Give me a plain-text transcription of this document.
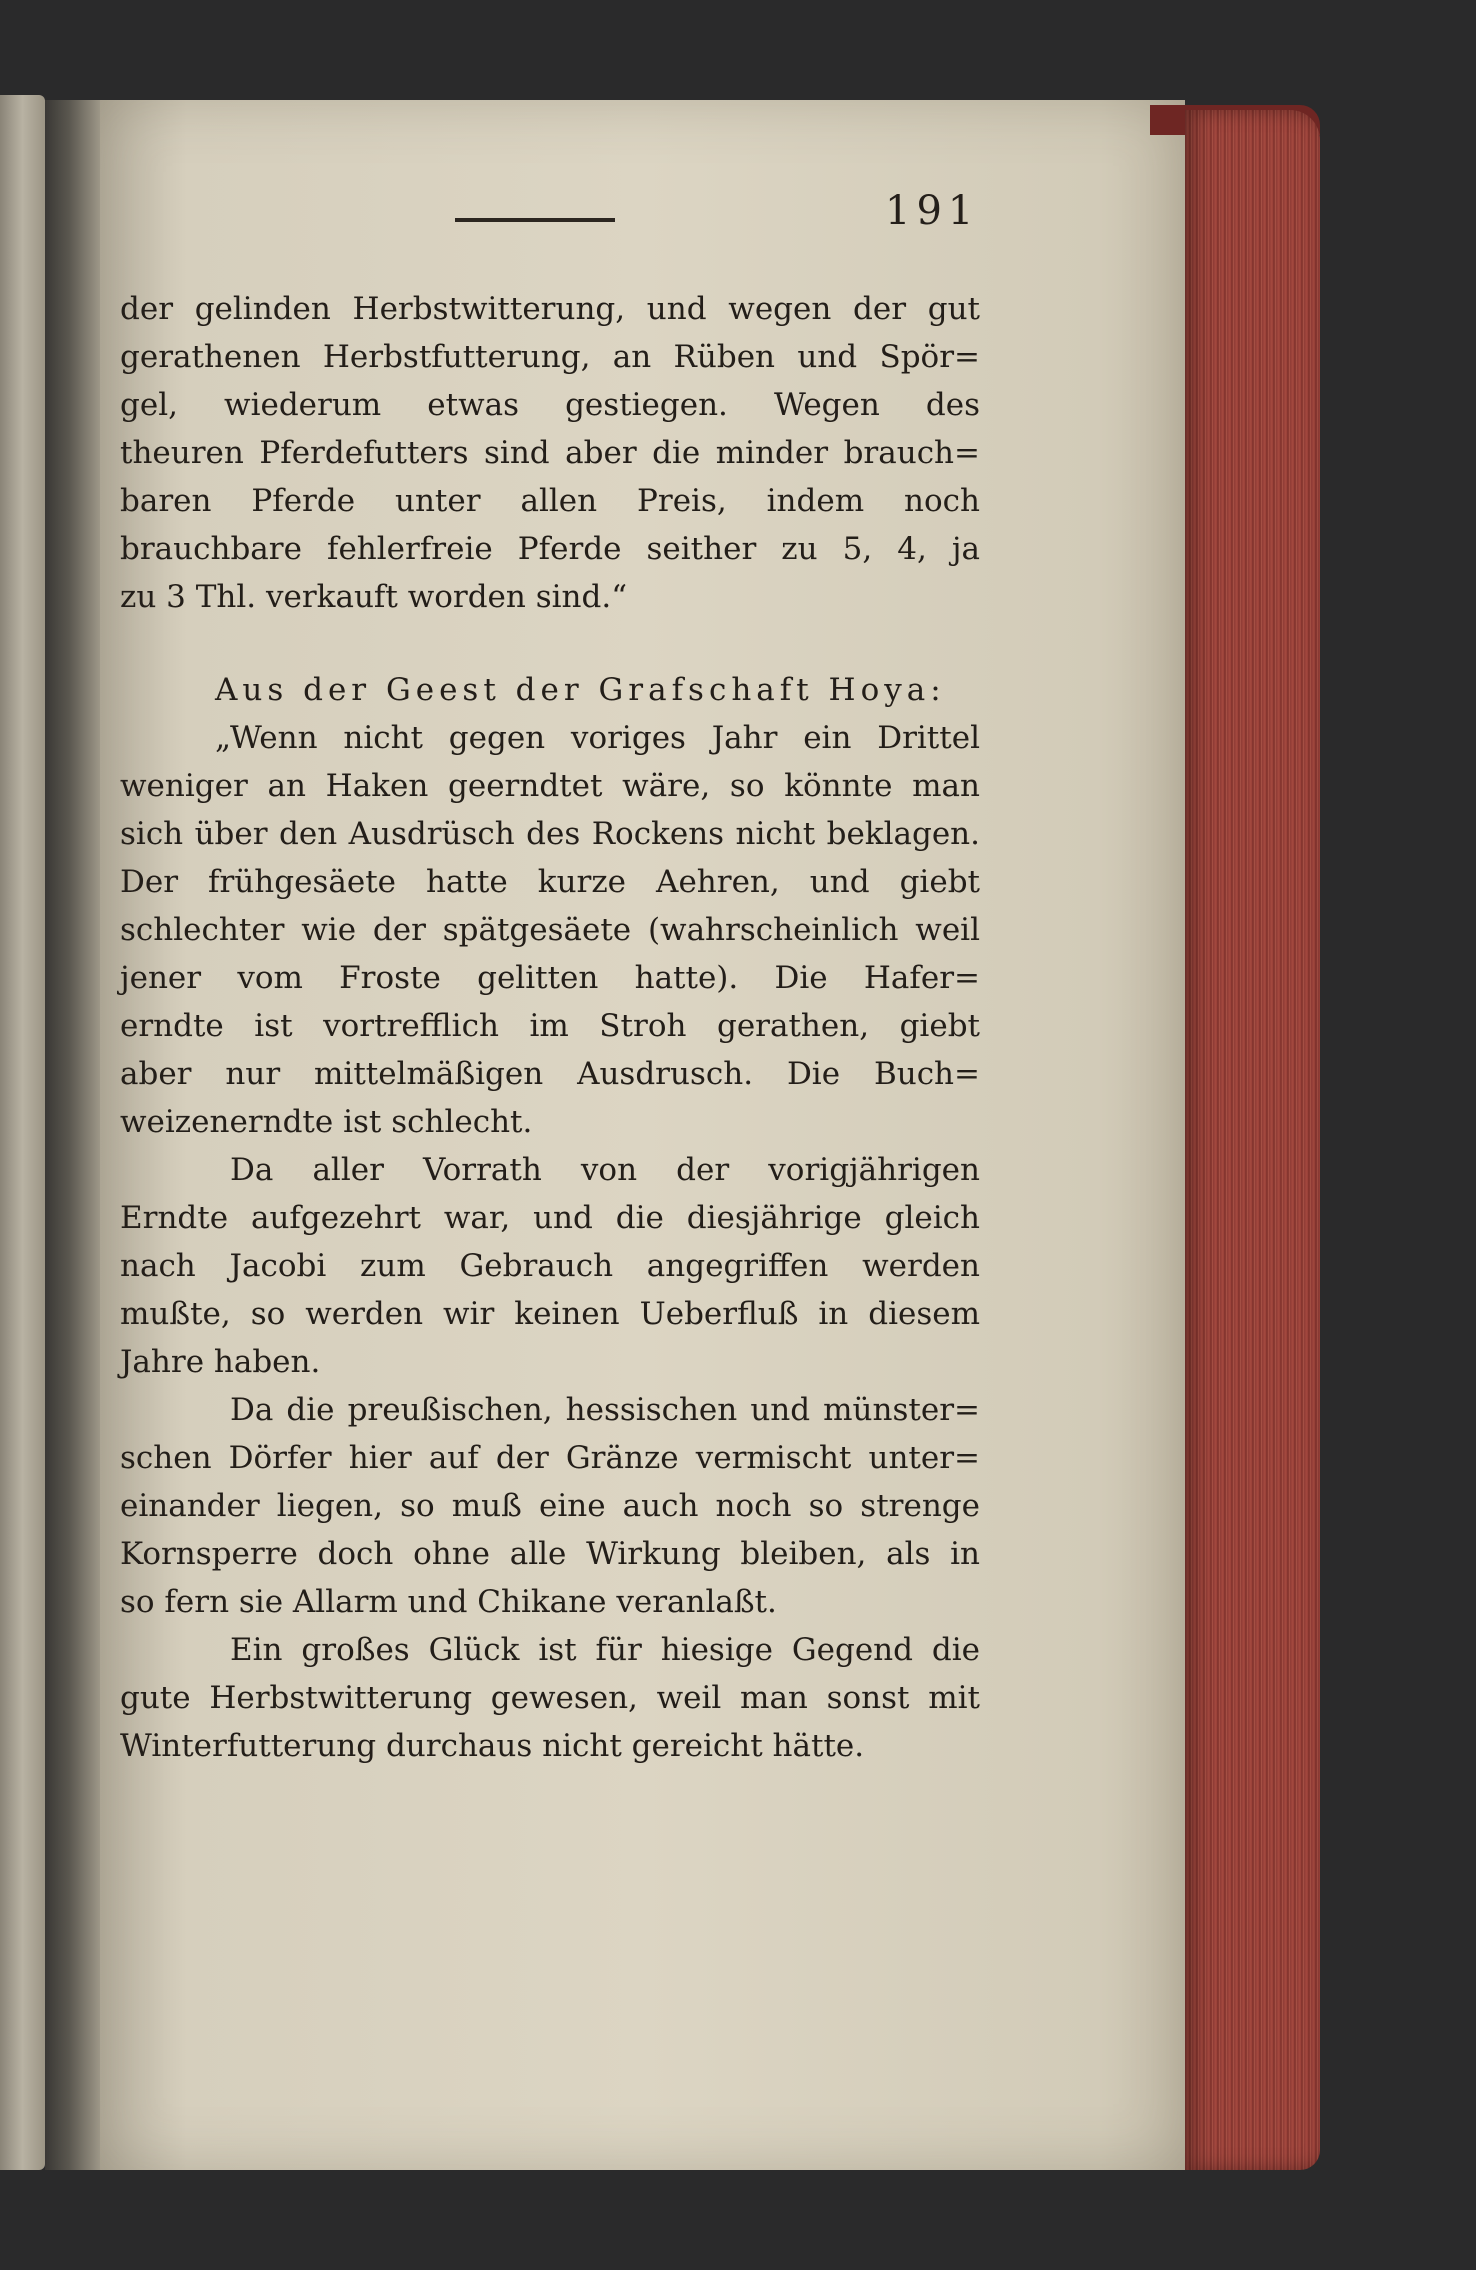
191
der gelinden Herbstwitterung, und wegen der gut
gerathenen Herbstfutterung, an Rüben und Spör=
gel, wiederum etwas gestiegen. Wegen des
theuren Pferdefutters sind aber die minder brauch=
baren Pferde unter allen Preis, indem noch
brauchbare fehlerfreie Pferde seither zu 5, 4, ja
zu 3 Thl. verkauft worden sind.“
Aus der Geest der Grafschaft Hoya:
„Wenn nicht gegen voriges Jahr ein Drittel
weniger an Haken geerndtet wäre, so könnte man
sich über den Ausdrüsch des Rockens nicht beklagen.
Der frühgesäete hatte kurze Aehren, und giebt
schlechter wie der spätgesäete (wahrscheinlich weil
jener vom Froste gelitten hatte). Die Hafer=
erndte ist vortrefflich im Stroh gerathen, giebt
aber nur mittelmäßigen Ausdrusch. Die Buch=
weizenerndte ist schlecht.
Da aller Vorrath von der vorigjährigen
Erndte aufgezehrt war, und die diesjährige gleich
nach Jacobi zum Gebrauch angegriffen werden
mußte, so werden wir keinen Ueberfluß in diesem
Jahre haben.
Da die preußischen, hessischen und münster=
schen Dörfer hier auf der Gränze vermischt unter=
einander liegen, so muß eine auch noch so strenge
Kornsperre doch ohne alle Wirkung bleiben, als in
so fern sie Allarm und Chikane veranlaßt.
Ein großes Glück ist für hiesige Gegend die
gute Herbstwitterung gewesen, weil man sonst mit
Winterfutterung durchaus nicht gereicht hätte.
